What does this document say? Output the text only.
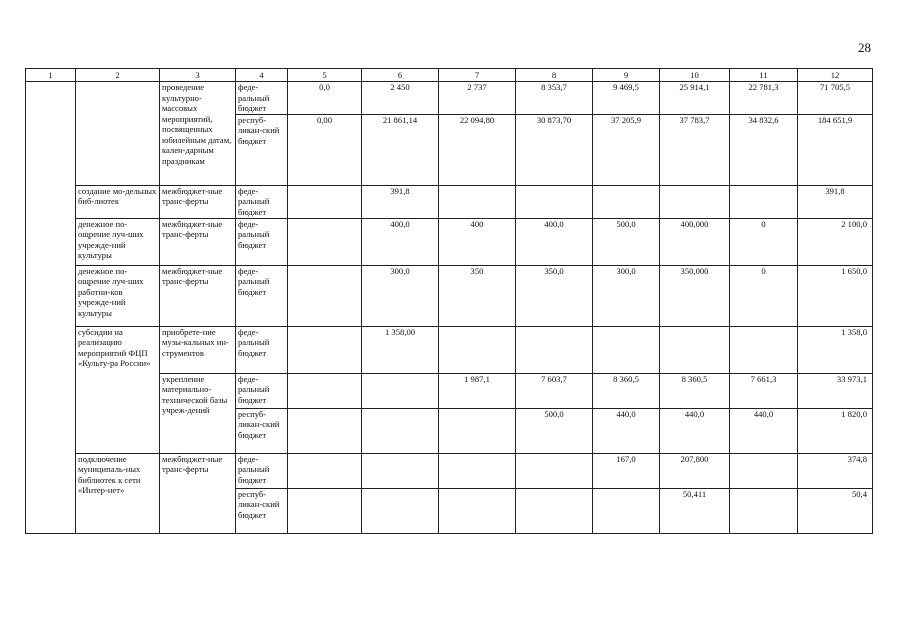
28
1	2	3	4	5	6	7	8	9	10	11	12
		проведение культурно-массовых мероприятий, посвященных юбилейным датам, кален-дарным праздникам	феде-ральный бюджет	0,0	2 450	2 737	8 353,7	9 469,5	25 914,1	22 781,3	71 705,5
			респуб-ликан-ский бюджет	0,00	21 861,14	22 094,80	30 873,70	37 205,9	37 783,7	34 832,6	184 651,9
	создание мо-дельных биб-лиотек	межбюджет-ные транс-ферты	феде-ральный бюджет		391,8						391,8
	денежное по-ощрение луч-ших учрежде-ний культуры	межбюджет-ные транс-ферты	феде-ральный бюджет		400,0	400	400,0	500,0	400,000	0	2 100,0
	денежное по-ощрение луч-ших работни-ков учрежде-ний культуры	межбюджет-ные транс-ферты	феде-ральный бюджет		300,0	350	350,0	300,0	350,000	0	1 650,0
	субсидии на реализацию мероприятий ФЦП «Культу-ра России»	приобрете-ние музы-кальных ин-струментов	феде-ральный бюджет		1 358,00						1 358,0
		укрепление материально-технической базы учреж-дений	феде-ральный бюджет			1 987,1	7 603,7	8 360,5	8 360,5	7 661,3	33 973,1
			респуб-ликан-ский бюджет				500,0	440,0	440,0	440,0	1 820,0
	подключение муниципаль-ных библиотек к сети «Интер-нет»	межбюджет-ные транс-ферты	феде-ральный бюджет					167,0	207,800		374,8
			респуб-ликан-ский бюджет						50,411		50,4
